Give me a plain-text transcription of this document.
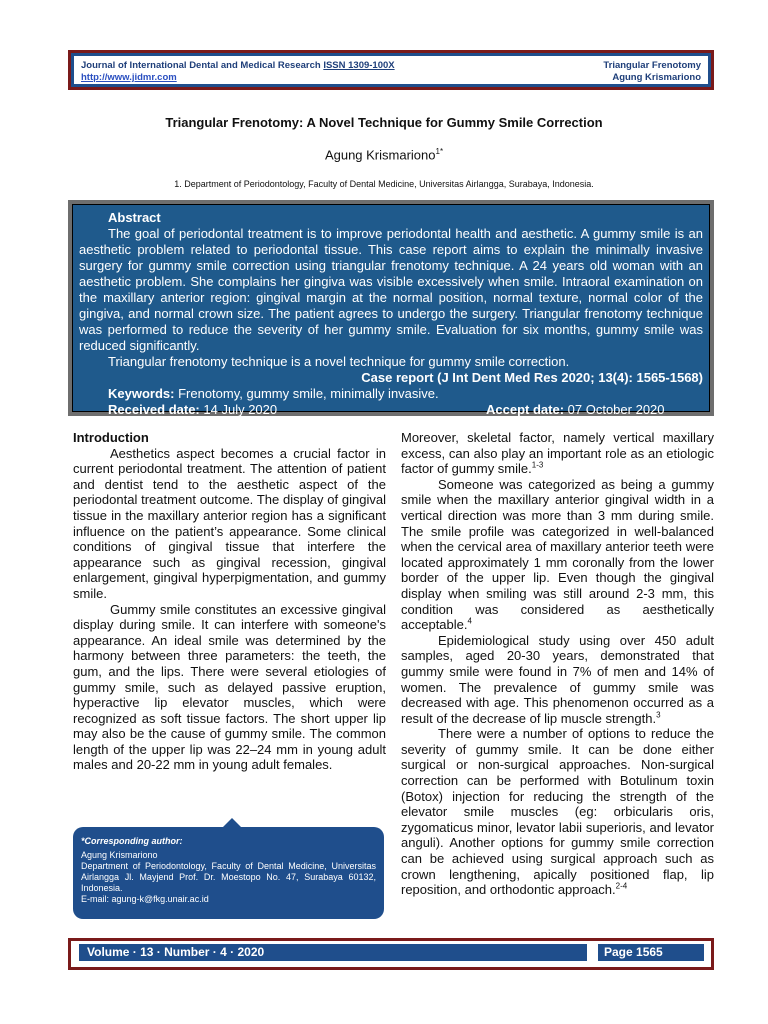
Journal of International Dental and Medical Research ISSN 1309-100X
http://www.jidmr.com
Triangular Frenotomy
Agung Krismariono
Triangular Frenotomy: A Novel Technique for Gummy Smile Correction
Agung Krismariono$^{1*}$
1. Department of Periodontology, Faculty of Dental Medicine, Universitas Airlangga, Surabaya, Indonesia.
Abstract
The goal of periodontal treatment is to improve periodontal health and aesthetic. A gummy smile is an aesthetic problem related to periodontal tissue. This case report aims to explain the minimally invasive surgery for gummy smile correction using triangular frenotomy technique. A 24 years old woman with an aesthetic problem. She complains her gingiva was visible excessively when smile. Intraoral examination on the maxillary anterior region: gingival margin at the normal position, normal texture, normal color of the gingiva, and normal crown size. The patient agrees to undergo the surgery. Triangular frenotomy technique was performed to reduce the severity of her gummy smile. Evaluation for six months, gummy smile was reduced significantly.
Triangular frenotomy technique is a novel technique for gummy smile correction.
Case report (J Int Dent Med Res 2020; 13(4): 1565-1568)
Keywords: Frenotomy, gummy smile, minimally invasive.
Received date: 14 July 2020	Accept date: 07 October 2020

Introduction

Aesthetics aspect becomes a crucial factor in current periodontal treatment. The attention of patient and dentist tend to the aesthetic aspect of the periodontal treatment outcome. The display of gingival tissue in the maxillary anterior region has a significant influence on the patient’s appearance. Some clinical conditions of gingival tissue that interfere the appearance such as gingival recession, gingival enlargement, gingival hyperpigmentation, and gummy smile.

Gummy smile constitutes an excessive gingival display during smile. It can interfere with someone's appearance. An ideal smile was determined by the harmony between three parameters: the teeth, the gum, and the lips. There were several etiologies of gummy smile, such as delayed passive eruption, hyperactive lip elevator muscles, which were recognized as soft tissue factors. The short upper lip may also be the cause of gummy smile. The common length of the upper lip was 22–24 mm in young adult males and 20-22 mm in young adult females.

Moreover, skeletal factor, namely vertical maxillary excess, can also play an important role as an etiologic factor of gummy smile.$^{1-3}$

Someone was categorized as being a gummy smile when the maxillary anterior gingival width in a vertical direction was more than 3 mm during smile. The smile profile was categorized in well-balanced when the cervical area of maxillary anterior teeth were located approximately 1 mm coronally from the lower border of the upper lip. Even though the gingival display when smiling was still around 2-3 mm, this condition was considered as aesthetically acceptable.$^4$

Epidemiological study using over 450 adult samples, aged 20-30 years, demonstrated that gummy smile were found in 7% of men and 14% of women. The prevalence of gummy smile was decreased with age. This phenomenon occurred as a result of the decrease of lip muscle strength.$^3$

There were a number of options to reduce the severity of gummy smile. It can be done either surgical or non-surgical approaches. Non-surgical correction can be performed with Botulinum toxin (Botox) injection for reducing the strength of the elevator smile muscles (eg: orbicularis oris, zygomaticus minor, levator labii superioris, and levator anguli). Another options for gummy smile correction can be achieved using surgical approach such as crown lengthening, apically positioned flap, lip reposition, and orthodontic approach.$^{2-4}$

*Corresponding author:
Agung Krismariono
Department of Periodontology, Faculty of Dental Medicine, Universitas Airlangga Jl. Mayjend Prof. Dr. Moestopo No. 47, Surabaya 60132, Indonesia.
E-mail: agung-k@fkg.unair.ac.id
Volume · 13 · Number · 4 · 2020	Page 1565
